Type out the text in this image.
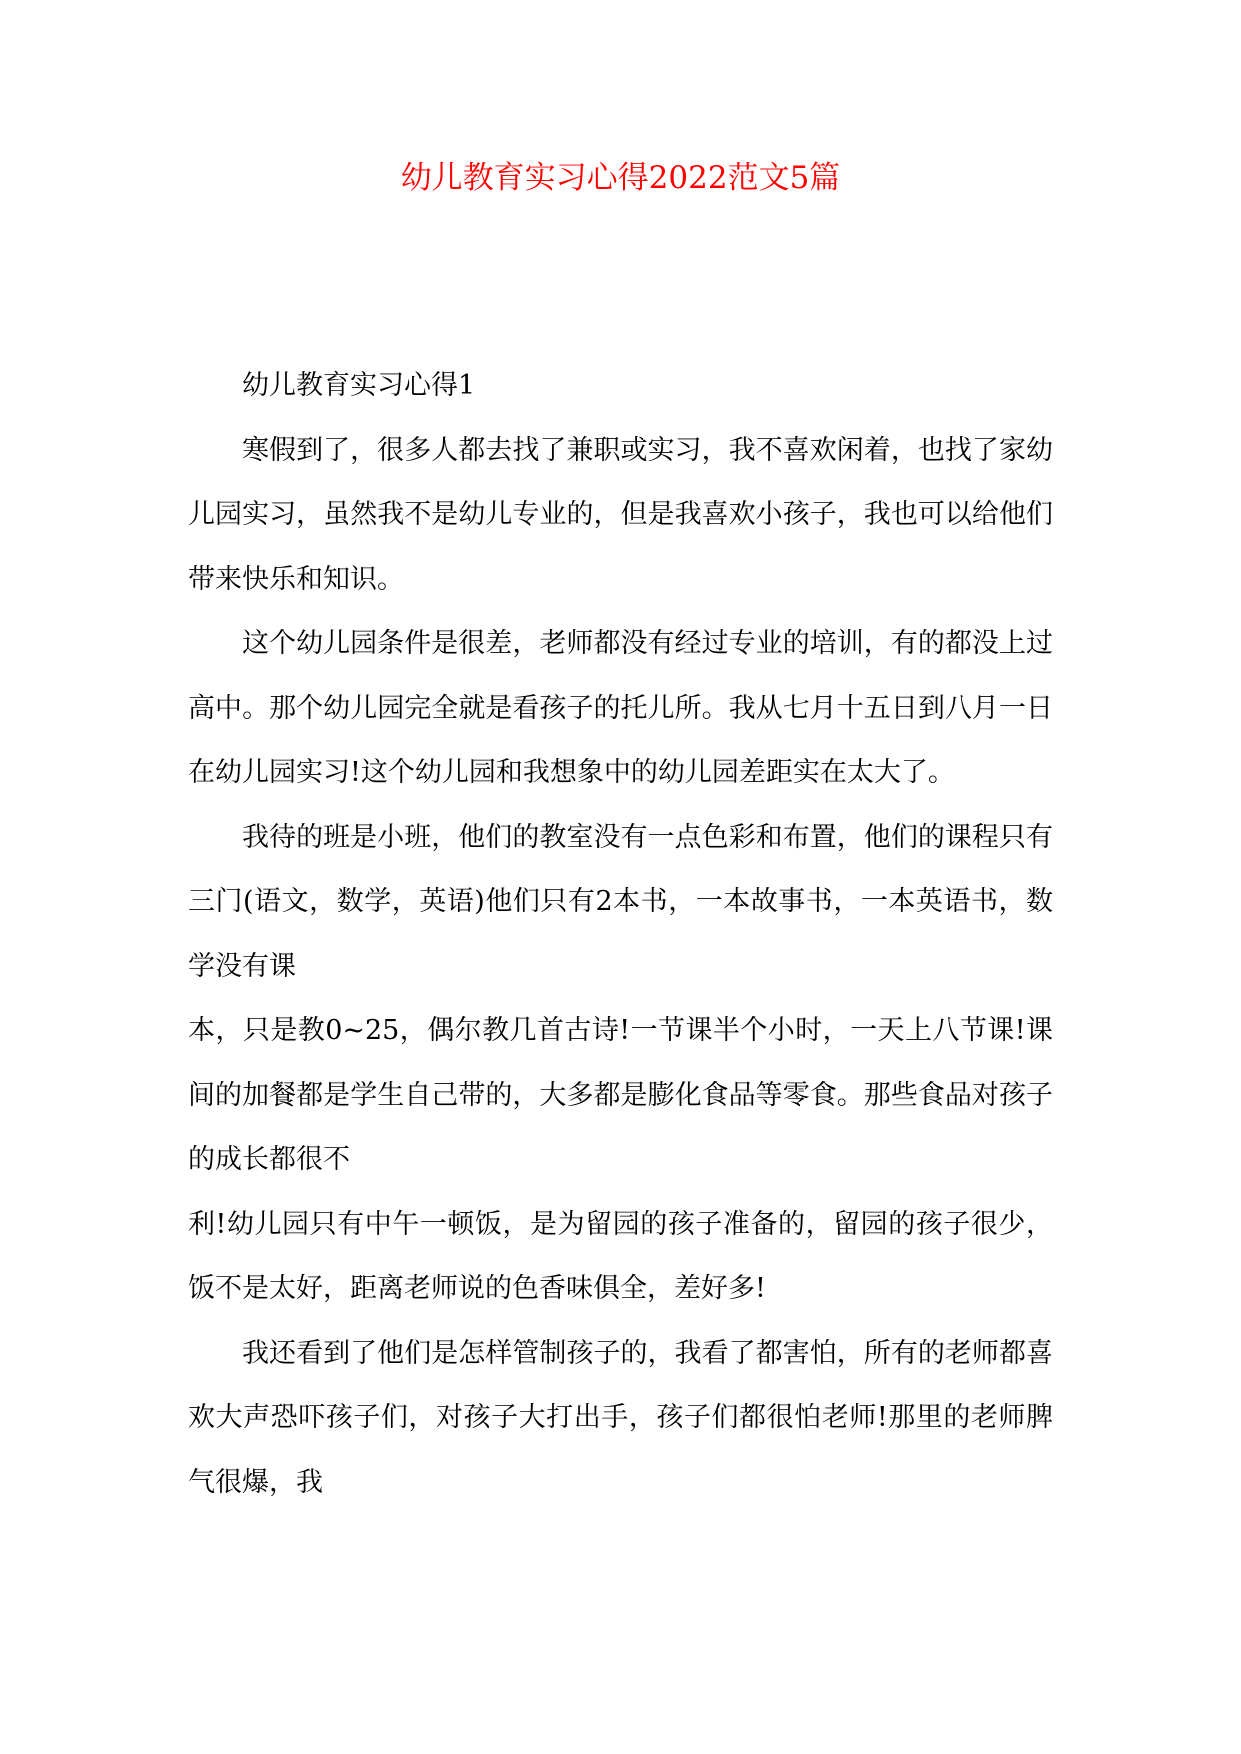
幼儿教育实习心得2022范文5篇

幼儿教育实习心得1

寒假到了，很多人都去找了兼职或实习，我不喜欢闲着，也找了家幼儿园实习，虽然我不是幼儿专业的，但是我喜欢小孩子，我也可以给他们带来快乐和知识。

这个幼儿园条件是很差，老师都没有经过专业的培训，有的都没上过高中。那个幼儿园完全就是看孩子的托儿所。我从七月十五日到八月一日在幼儿园实习!这个幼儿园和我想象中的幼儿园差距实在太大了。

我待的班是小班，他们的教室没有一点色彩和布置，他们的课程只有三门(语文，数学，英语)他们只有2本书，一本故事书，一本英语书，数学没有课

本，只是教0~25，偶尔教几首古诗!一节课半个小时，一天上八节课!课间的加餐都是学生自己带的，大多都是膨化食品等零食。那些食品对孩子的成长都很不

利!幼儿园只有中午一顿饭，是为留园的孩子准备的，留园的孩子很少，饭不是太好，距离老师说的色香味俱全，差好多!

我还看到了他们是怎样管制孩子的，我看了都害怕，所有的老师都喜欢大声恐吓孩子们，对孩子大打出手，孩子们都很怕老师!那里的老师脾气很爆，我
